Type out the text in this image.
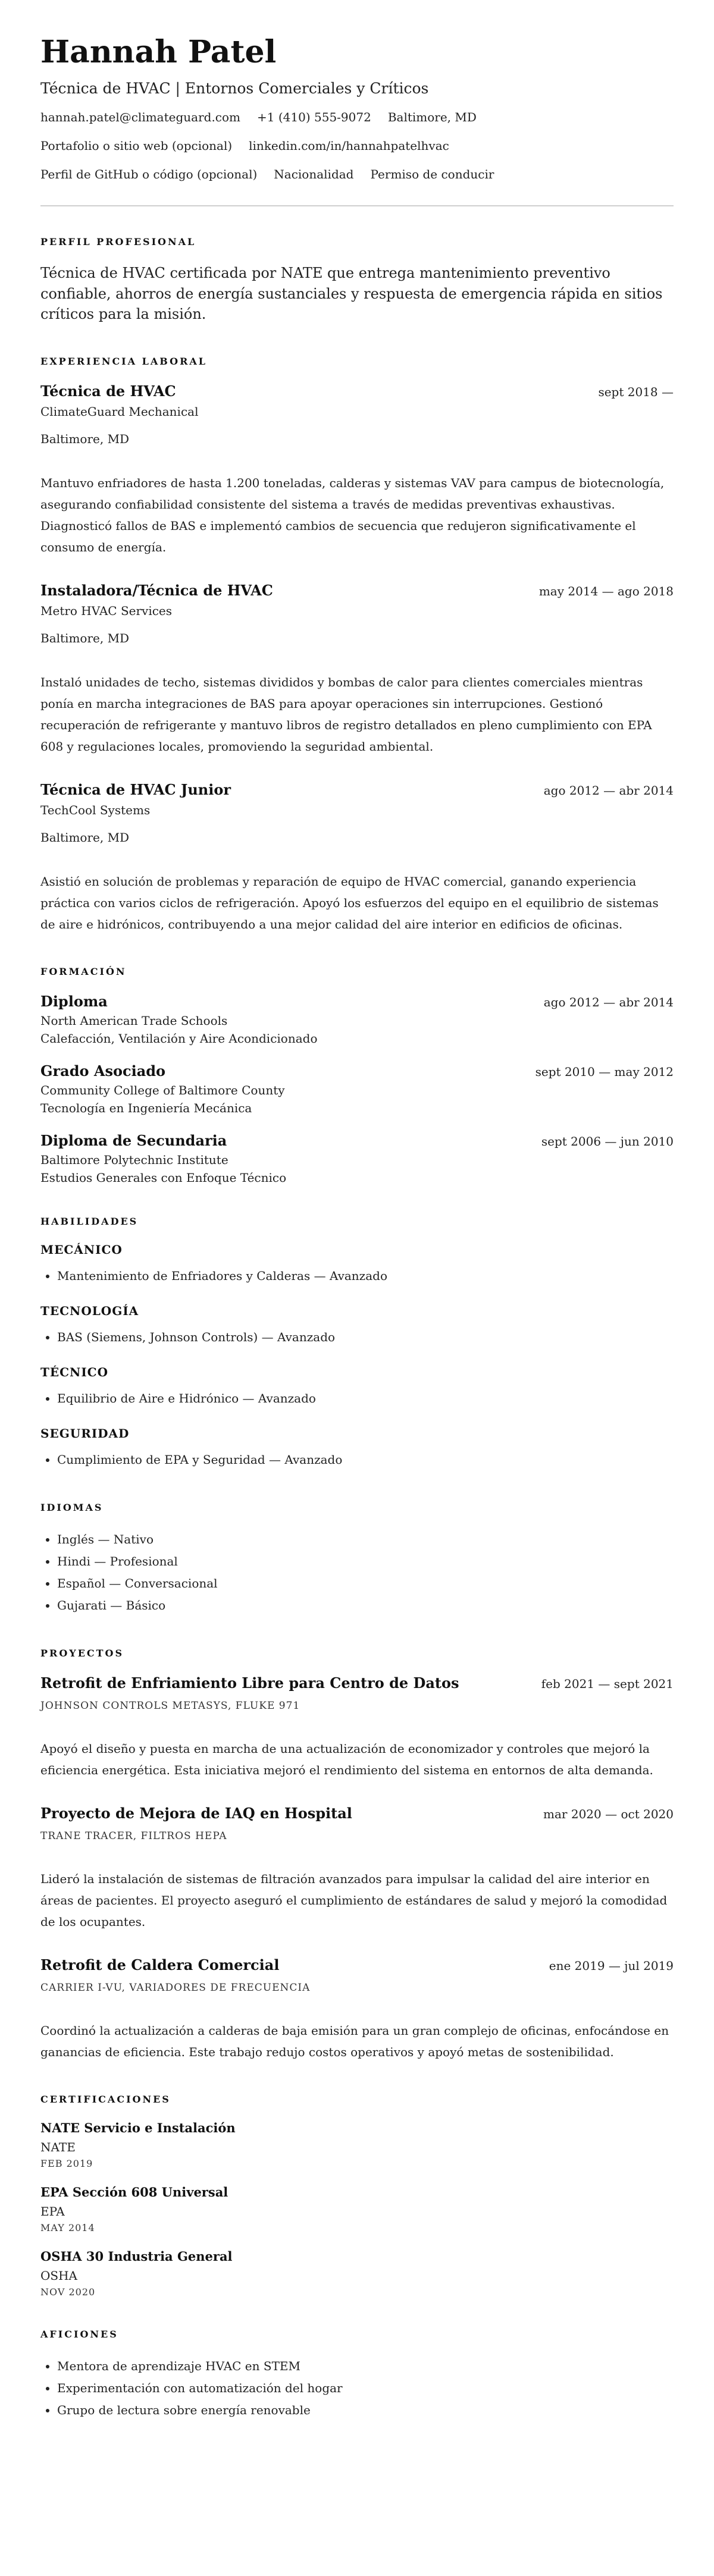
Hannah Patel
Técnica de HVAC | Entornos Comerciales y Críticos
hannah.patel@climateguard.com +1 (410) 555-9072 Baltimore, MD
Portafolio o sitio web (opcional) linkedin.com/in/hannahpatelhvac
Perfil de GitHub o código (opcional) Nacionalidad Permiso de conducir
PERFIL PROFESIONAL

Técnica de HVAC certificada por NATE que entrega mantenimiento preventivo confiable, ahorros de energía sustanciales y respuesta de emergencia rápida en sitios críticos para la misión.

EXPERIENCIA LABORAL
Técnica de HVAC	sept 2018 —
ClimateGuard Mechanical
Baltimore, MD
Mantuvo enfriadores de hasta 1.200 toneladas, calderas y sistemas VAV para campus de biotecnología, asegurando confiabilidad consistente del sistema a través de medidas preventivas exhaustivas. Diagnosticó fallos de BAS e implementó cambios de secuencia que redujeron significativamente el consumo de energía.
Instaladora/Técnica de HVAC	may 2014 — ago 2018
Metro HVAC Services
Baltimore, MD
Instaló unidades de techo, sistemas divididos y bombas de calor para clientes comerciales mientras ponía en marcha integraciones de BAS para apoyar operaciones sin interrupciones. Gestionó recuperación de refrigerante y mantuvo libros de registro detallados en pleno cumplimiento con EPA 608 y regulaciones locales, promoviendo la seguridad ambiental.
Técnica de HVAC Junior	ago 2012 — abr 2014
TechCool Systems
Baltimore, MD
Asistió en solución de problemas y reparación de equipo de HVAC comercial, ganando experiencia práctica con varios ciclos de refrigeración. Apoyó los esfuerzos del equipo en el equilibrio de sistemas de aire e hidrónicos, contribuyendo a una mejor calidad del aire interior en edificios de oficinas.
FORMACIÓN
Diploma	ago 2012 — abr 2014
North American Trade Schools
Calefacción, Ventilación y Aire Acondicionado
Grado Asociado	sept 2010 — may 2012
Community College of Baltimore County
Tecnología en Ingeniería Mecánica
Diploma de Secundaria	sept 2006 — jun 2010
Baltimore Polytechnic Institute
Estudios Generales con Enfoque Técnico
HABILIDADES
MECÁNICO
• Mantenimiento de Enfriadores y Calderas — Avanzado
TECNOLOGÍA
• BAS (Siemens, Johnson Controls) — Avanzado
TÉCNICO
• Equilibrio de Aire e Hidrónico — Avanzado
SEGURIDAD
• Cumplimiento de EPA y Seguridad — Avanzado
IDIOMAS
• Inglés — Nativo
• Hindi — Profesional
• Español — Conversacional
• Gujarati — Básico
PROYECTOS
Retrofit de Enfriamiento Libre para Centro de Datos	feb 2021 — sept 2021
JOHNSON CONTROLS METASYS, FLUKE 971
Apoyó el diseño y puesta en marcha de una actualización de economizador y controles que mejoró la eficiencia energética. Esta iniciativa mejoró el rendimiento del sistema en entornos de alta demanda.
Proyecto de Mejora de IAQ en Hospital	mar 2020 — oct 2020
TRANE TRACER, FILTROS HEPA
Lideró la instalación de sistemas de filtración avanzados para impulsar la calidad del aire interior en áreas de pacientes. El proyecto aseguró el cumplimiento de estándares de salud y mejoró la comodidad de los ocupantes.
Retrofit de Caldera Comercial	ene 2019 — jul 2019
CARRIER I-VU, VARIADORES DE FRECUENCIA
Coordinó la actualización a calderas de baja emisión para un gran complejo de oficinas, enfocándose en ganancias de eficiencia. Este trabajo redujo costos operativos y apoyó metas de sostenibilidad.
CERTIFICACIONES
NATE Servicio e Instalación
NATE
FEB 2019
EPA Sección 608 Universal
EPA
MAY 2014
OSHA 30 Industria General
OSHA
NOV 2020
AFICIONES
• Mentora de aprendizaje HVAC en STEM
• Experimentación con automatización del hogar
• Grupo de lectura sobre energía renovable
